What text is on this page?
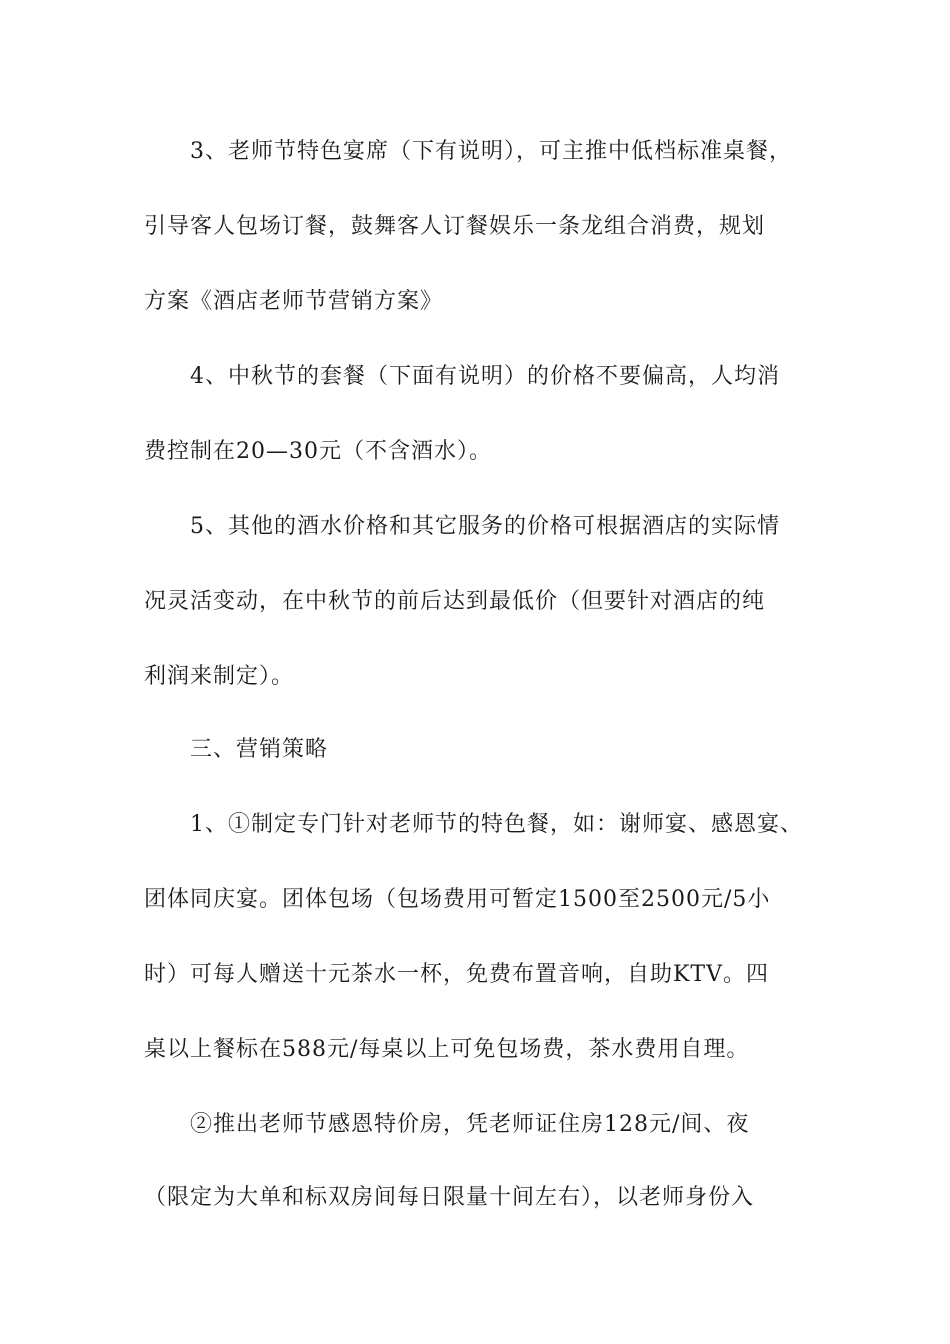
3、老师节特色宴席（下有说明），可主推中低档标准桌餐，
引导客人包场订餐，鼓舞客人订餐娱乐一条龙组合消费，规划
方案《酒店老师节营销方案》
4、中秋节的套餐（下面有说明）的价格不要偏高，人均消
费控制在20—30元（不含酒水）。
5、其他的酒水价格和其它服务的价格可根据酒店的实际情
况灵活变动，在中秋节的前后达到最低价（但要针对酒店的纯
利润来制定）。
三、营销策略
1、①制定专门针对老师节的特色餐，如：谢师宴、感恩宴、
团体同庆宴。团体包场（包场费用可暂定1500至2500元/5小
时）可每人赠送十元茶水一杯，免费布置音响，自助KTV。四
桌以上餐标在588元/每桌以上可免包场费，茶水费用自理。
②推出老师节感恩特价房，凭老师证住房128元/间、夜
（限定为大单和标双房间每日限量十间左右），以老师身份入
